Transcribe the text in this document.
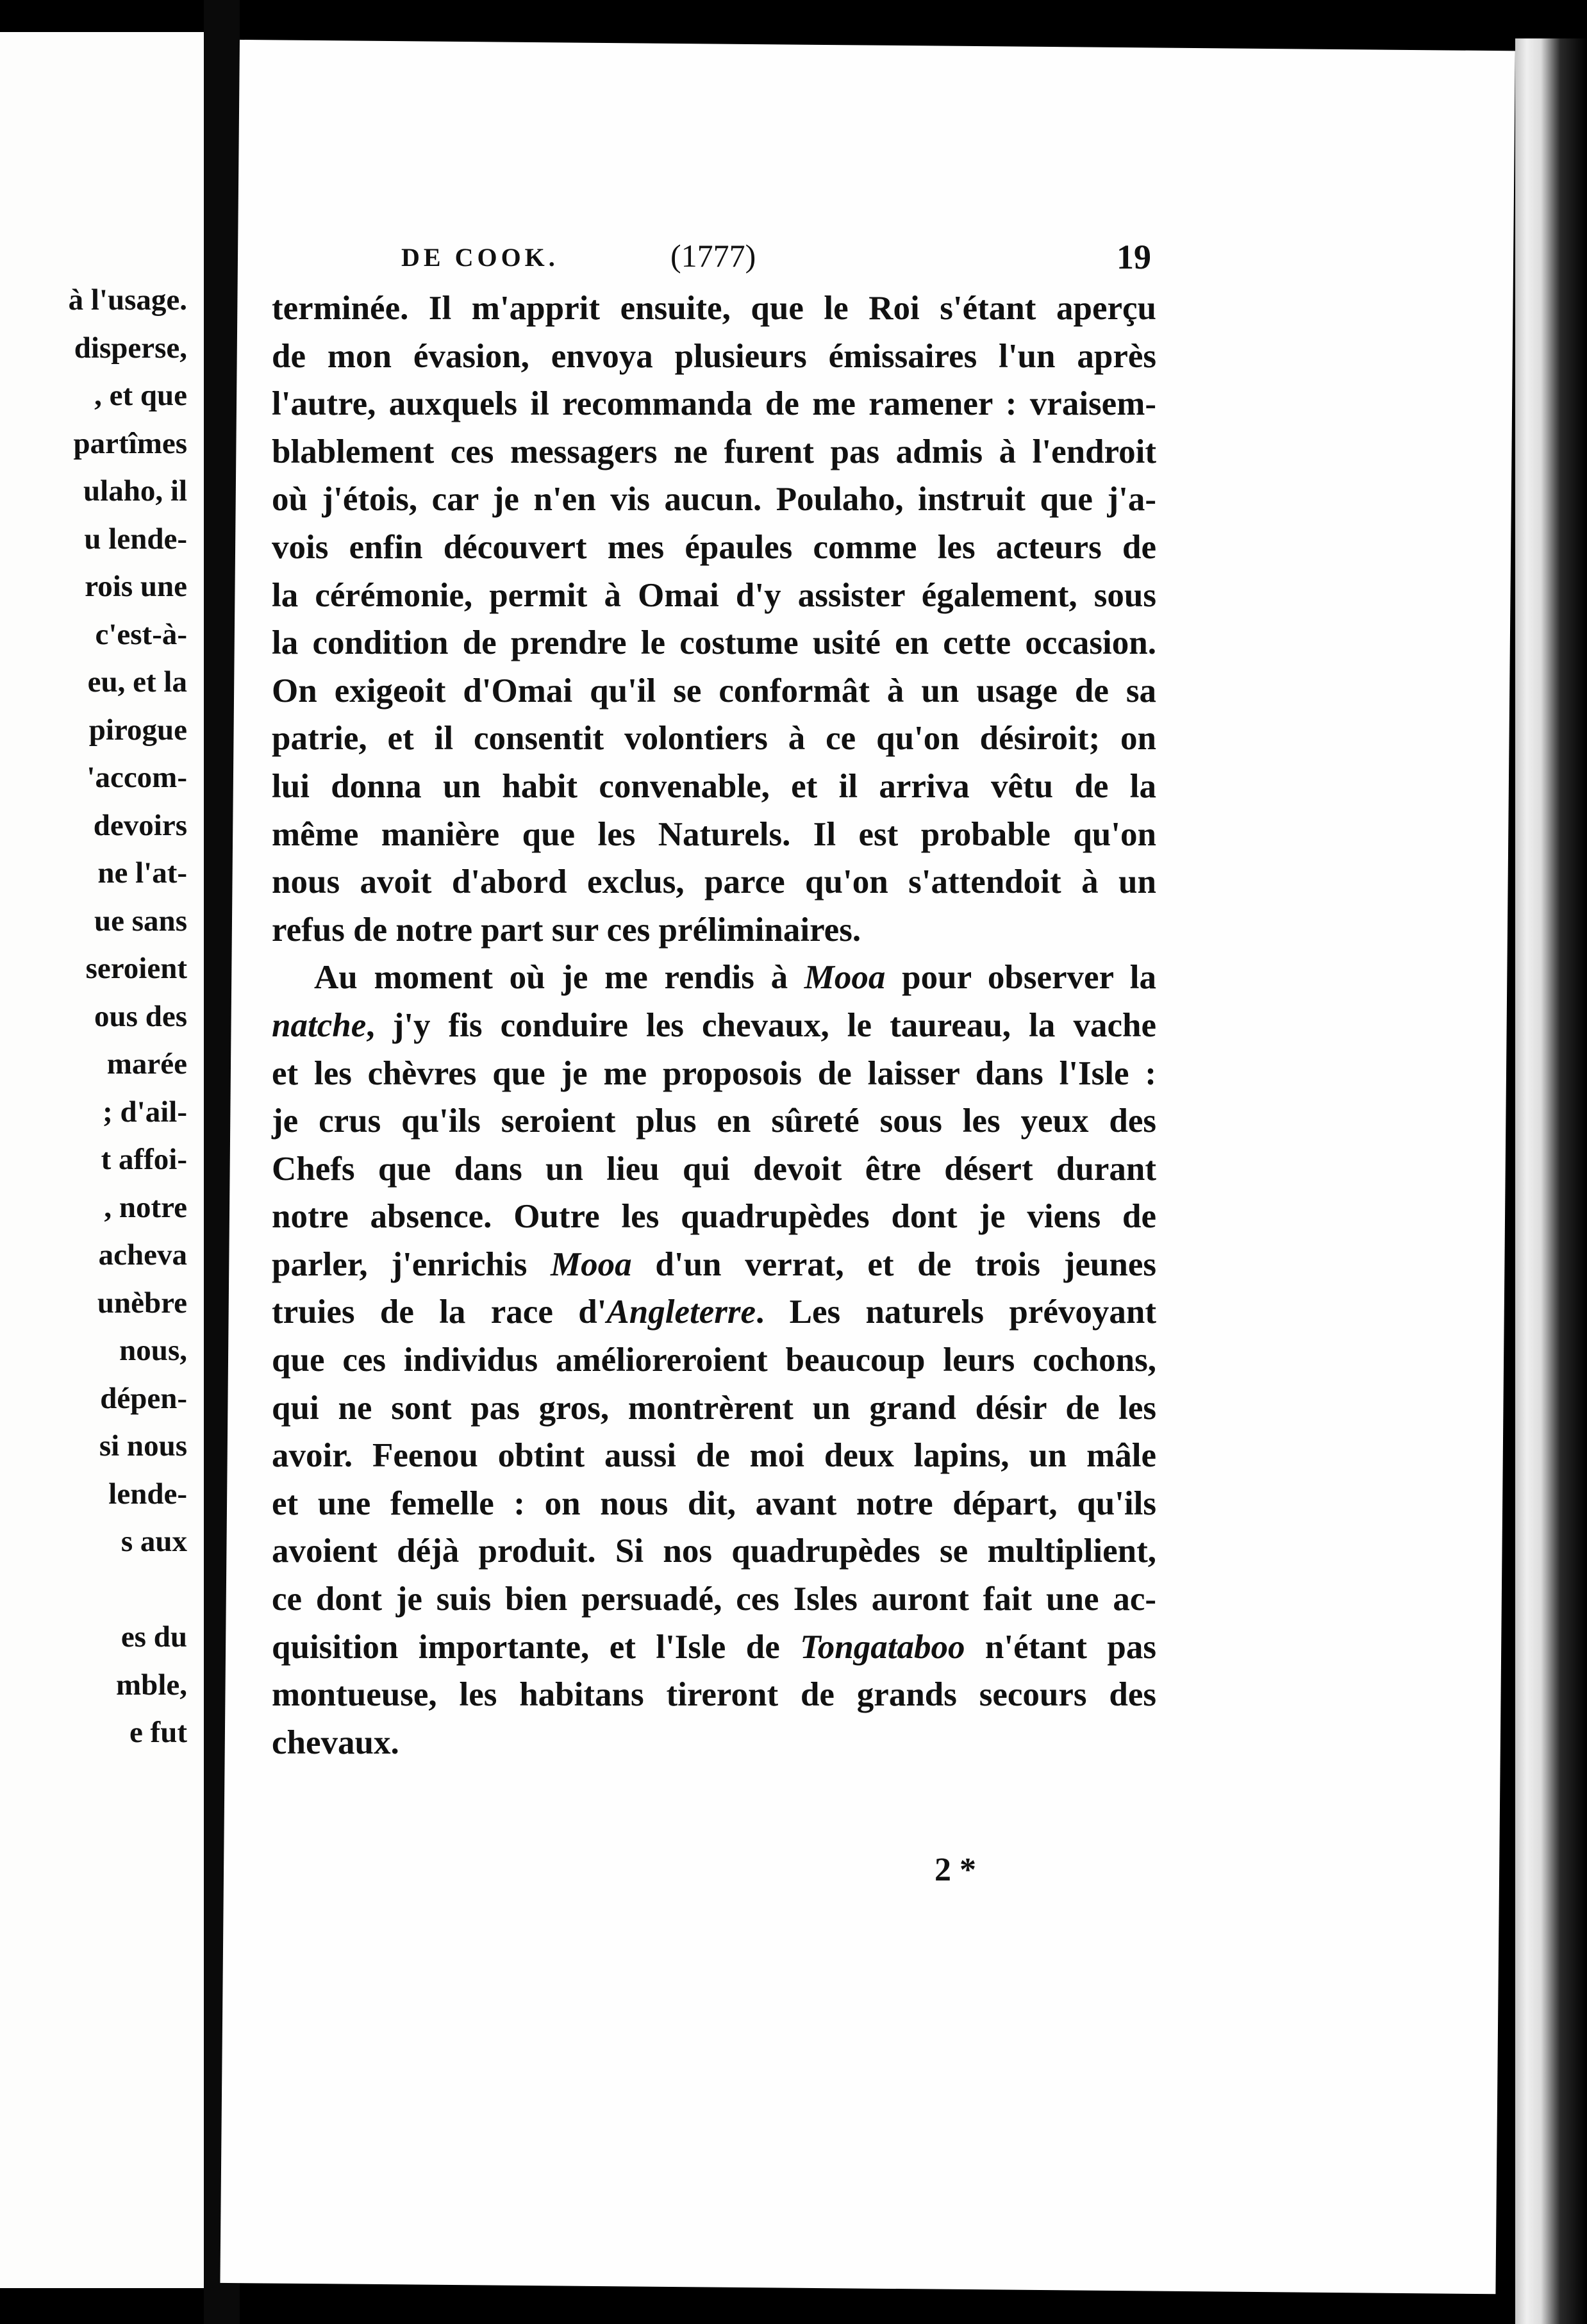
à l'usage.
disperse,
, et que
partîmes
ulaho, il
u lende-
rois une
c'est-à-
eu, et la
pirogue
'accom-
devoirs
ne l'at-
ue sans
seroient
ous des
marée
; d'ail-
t affoi-
, notre
acheva
unèbre
nous,
dépen-
si nous
lende-
s aux
es du
mble,
e fut
DE COOK.	(1777)	19
terminée. Il m'apprit ensuite, que le Roi s'étant aperçu
de mon évasion, envoya plusieurs émissaires l'un après
l'autre, auxquels il recommanda de me ramener : vraisem-
blablement ces messagers ne furent pas admis à l'endroit
où j'étois, car je n'en vis aucun. Poulaho, instruit que j'a-
vois enfin découvert mes épaules comme les acteurs de
la cérémonie, permit à Omai d'y assister également, sous
la condition de prendre le costume usité en cette occasion.
On exigeoit d'Omai qu'il se conformât à un usage de sa
patrie, et il consentit volontiers à ce qu'on désiroit; on
lui donna un habit convenable, et il arriva vêtu de la
même manière que les Naturels. Il est probable qu'on
nous avoit d'abord exclus, parce qu'on s'attendoit à un
refus de notre part sur ces préliminaires.
Au moment où je me rendis à Mooa pour observer la
natche, j'y fis conduire les chevaux, le taureau, la vache
et les chèvres que je me proposois de laisser dans l'Isle :
je crus qu'ils seroient plus en sûreté sous les yeux des
Chefs que dans un lieu qui devoit être désert durant
notre absence. Outre les quadrupèdes dont je viens de
parler, j'enrichis Mooa d'un verrat, et de trois jeunes
truies de la race d'Angleterre. Les naturels prévoyant
que ces individus amélioreroient beaucoup leurs cochons,
qui ne sont pas gros, montrèrent un grand désir de les
avoir. Feenou obtint aussi de moi deux lapins, un mâle
et une femelle : on nous dit, avant notre départ, qu'ils
avoient déjà produit. Si nos quadrupèdes se multiplient,
ce dont je suis bien persuadé, ces Isles auront fait une ac-
quisition importante, et l'Isle de Tongataboo n'étant pas
montueuse, les habitans tireront de grands secours des
chevaux.
2 *
